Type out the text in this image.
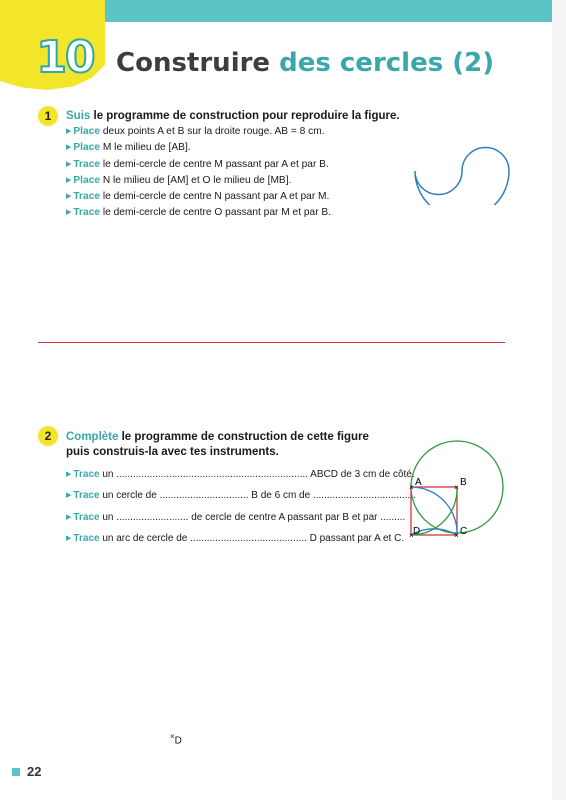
10 Construire des cercles (2)
1	Suis le programme de construction pour reproduire la figure.
▶ Place deux points A et B sur la droite rouge. AB = 8 cm.
▶ Place M le milieu de [AB].
▶ Trace le demi-cercle de centre M passant par A et par B.
▶ Place N le milieu de [AM] et O le milieu de [MB].
▶ Trace le demi-cercle de centre N passant par A et par M.
▶ Trace le demi-cercle de centre O passant par M et par B.
2	Complète le programme de construction de cette figure
puis construis-la avec tes instruments.
▶ Trace un ..................................................................... ABCD de 3 cm de côté.
▶ Trace un cercle de ................................ B de 6 cm de .....................................
▶ Trace un .......................... de cercle de centre A passant par B et par .........
▶ Trace un arc de cercle de .......................................... D passant par A et C.
×	×
×
×
A	B
C
D
×D
22
